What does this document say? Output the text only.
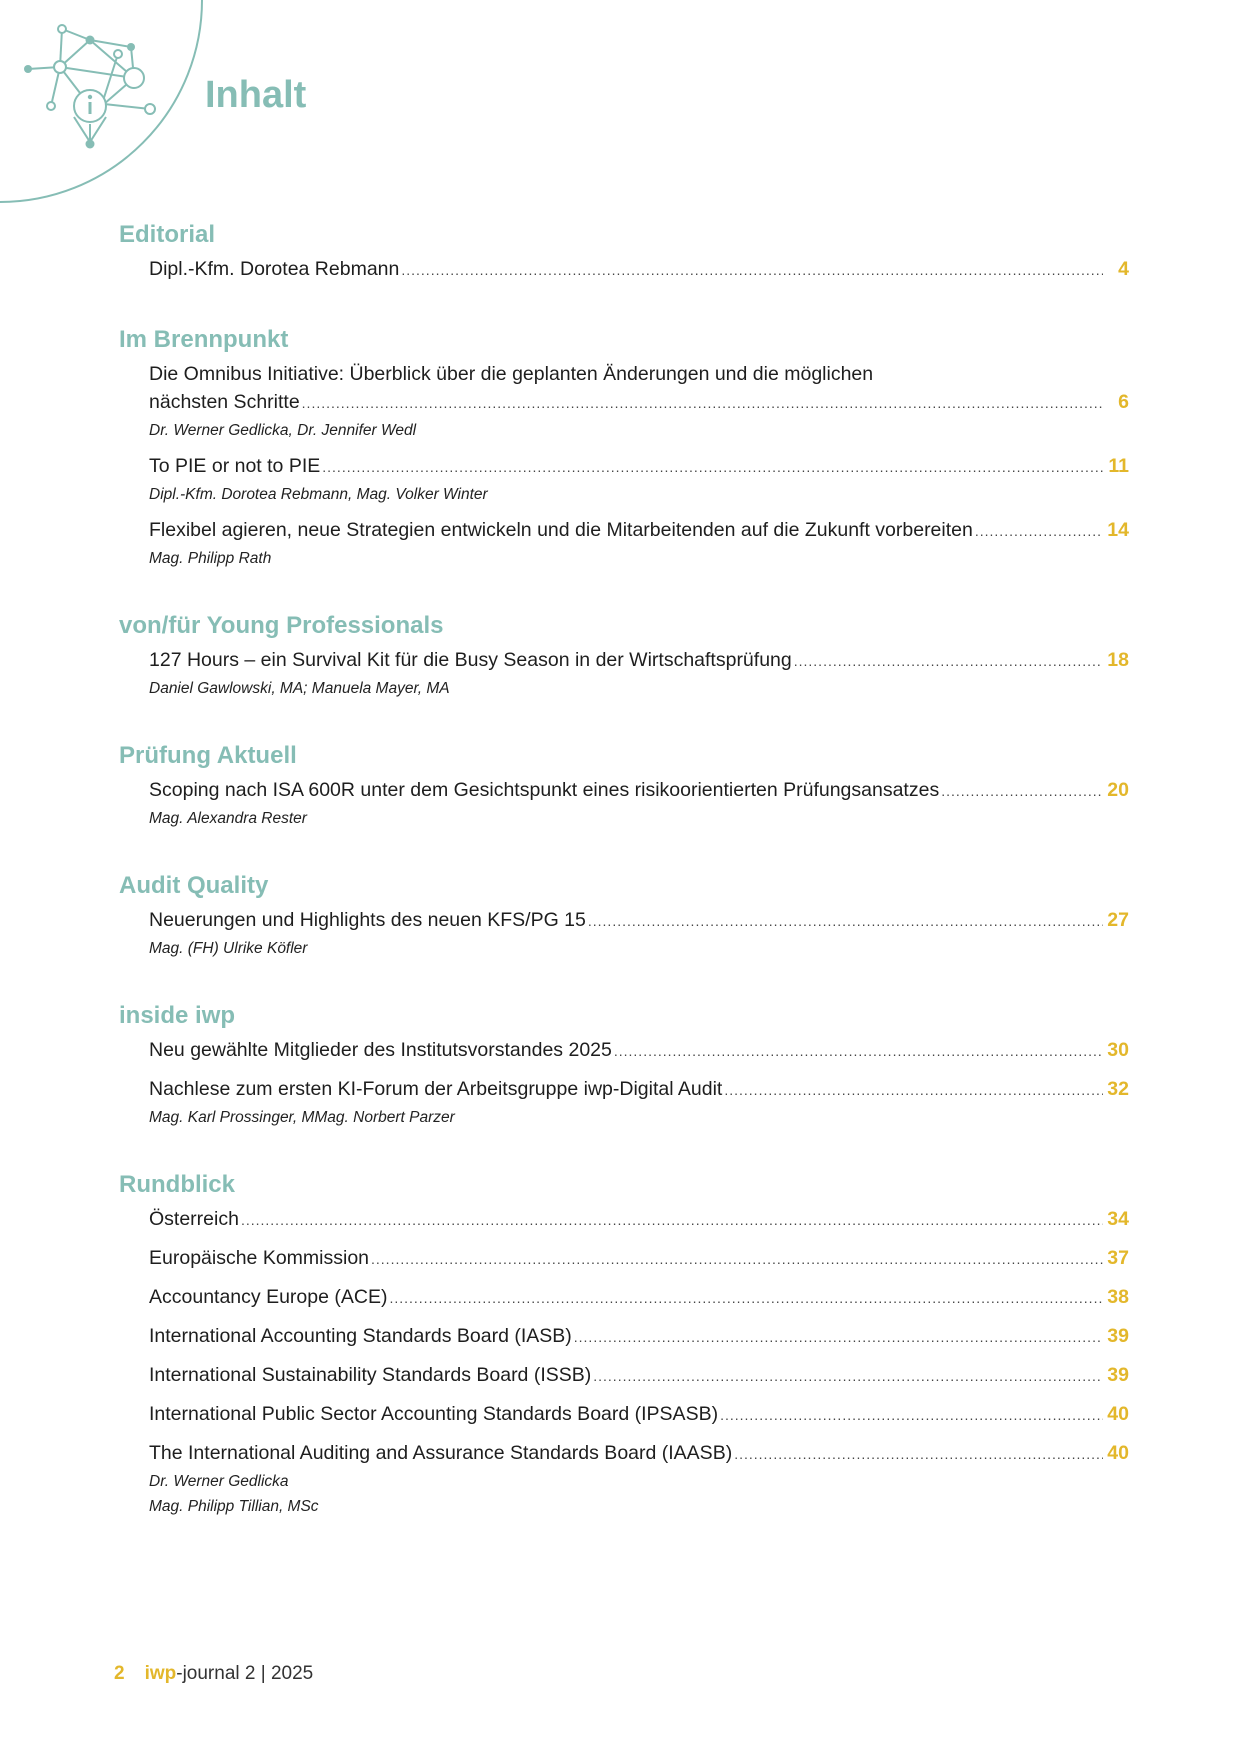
Inhalt
Editorial
Dipl.-Kfm. Dorotea Rebmann .....	4
Im Brennpunkt
Die Omnibus Initiative: Überblick über die geplanten Änderungen und die möglichen
nächsten Schritte .....	6
Dr. Werner Gedlicka, Dr. Jennifer Wedl
To PIE or not to PIE .....	11
Dipl.-Kfm. Dorotea Rebmann, Mag. Volker Winter
Flexibel agieren, neue Strategien entwickeln und die Mitarbeitenden auf die Zukunft vorbereiten .....	14
Mag. Philipp Rath
von/für Young Professionals
127 Hours – ein Survival Kit für die Busy Season in der Wirtschaftsprüfung .....	18
Daniel Gawlowski, MA; Manuela Mayer, MA
Prüfung Aktuell
Scoping nach ISA 600R unter dem Gesichtspunkt eines risikoorientierten Prüfungsansatzes .....	20
Mag. Alexandra Rester
Audit Quality
Neuerungen und Highlights des neuen KFS/PG 15 .....	27
Mag. (FH) Ulrike Köfler
inside iwp
Neu gewählte Mitglieder des Institutsvorstandes 2025 .....	30
Nachlese zum ersten KI-Forum der Arbeitsgruppe iwp-Digital Audit .....	32
Mag. Karl Prossinger, MMag. Norbert Parzer
Rundblick
Österreich .....	34
Europäische Kommission .....	37
Accountancy Europe (ACE) .....	38
International Accounting Standards Board (IASB) .....	39
International Sustainability Standards Board (ISSB) .....	39
International Public Sector Accounting Standards Board (IPSASB) .....	40
The International Auditing and Assurance Standards Board (IAASB) .....	40
Dr. Werner Gedlicka
Mag. Philipp Tillian, MSc
2 iwp-journal 2 | 2025
